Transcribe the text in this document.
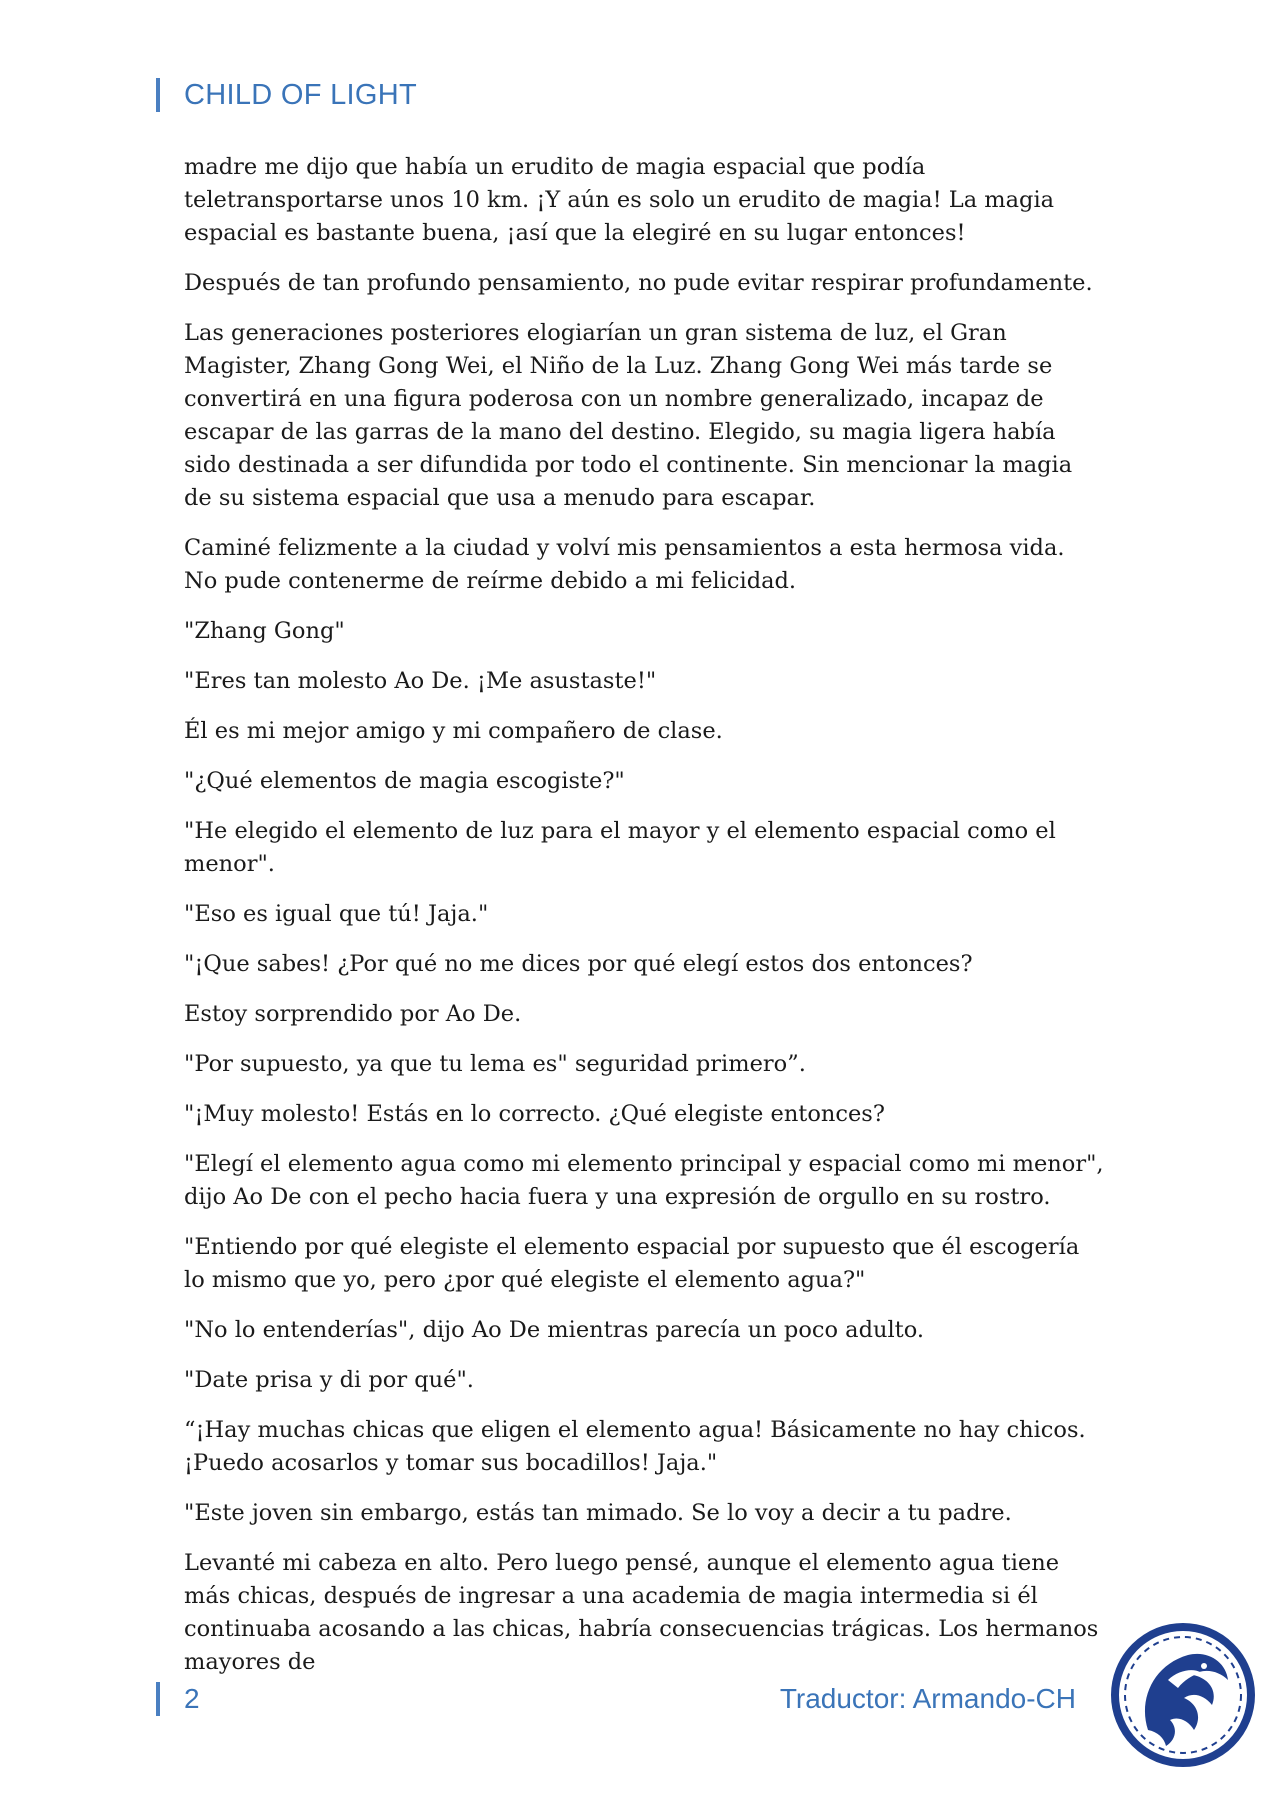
CHILD OF LIGHT

madre me dijo que había un erudito de magia espacial que podía teletransportarse unos 10 km. ¡Y aún es solo un erudito de magia! La magia espacial es bastante buena, ¡así que la elegiré en su lugar entonces!

Después de tan profundo pensamiento, no pude evitar respirar profundamente.

Las generaciones posteriores elogiarían un gran sistema de luz, el Gran Magister, Zhang Gong Wei, el Niño de la Luz. Zhang Gong Wei más tarde se convertirá en una figura poderosa con un nombre generalizado, incapaz de escapar de las garras de la mano del destino. Elegido, su magia ligera había sido destinada a ser difundida por todo el continente. Sin mencionar la magia de su sistema espacial que usa a menudo para escapar.

Caminé felizmente a la ciudad y volví mis pensamientos a esta hermosa vida. No pude contenerme de reírme debido a mi felicidad.

"Zhang Gong"

"Eres tan molesto Ao De. ¡Me asustaste!"

Él es mi mejor amigo y mi compañero de clase.

"¿Qué elementos de magia escogiste?"

"He elegido el elemento de luz para el mayor y el elemento espacial como el menor".

"Eso es igual que tú! Jaja."

"¡Que sabes! ¿Por qué no me dices por qué elegí estos dos entonces?

Estoy sorprendido por Ao De.

"Por supuesto, ya que tu lema es" seguridad primero”.

"¡Muy molesto! Estás en lo correcto. ¿Qué elegiste entonces?

"Elegí el elemento agua como mi elemento principal y espacial como mi menor", dijo Ao De con el pecho hacia fuera y una expresión de orgullo en su rostro.

"Entiendo por qué elegiste el elemento espacial por supuesto que él escogería lo mismo que yo, pero ¿por qué elegiste el elemento agua?"

"No lo entenderías", dijo Ao De mientras parecía un poco adulto.

"Date prisa y di por qué".

“¡Hay muchas chicas que eligen el elemento agua! Básicamente no hay chicos. ¡Puedo acosarlos y tomar sus bocadillos! Jaja."

"Este joven sin embargo, estás tan mimado. Se lo voy a decir a tu padre.

Levanté mi cabeza en alto. Pero luego pensé, aunque el elemento agua tiene más chicas, después de ingresar a una academia de magia intermedia si él continuaba acosando a las chicas, habría consecuencias trágicas. Los hermanos mayores de

2	Traductor: Armando-CH
